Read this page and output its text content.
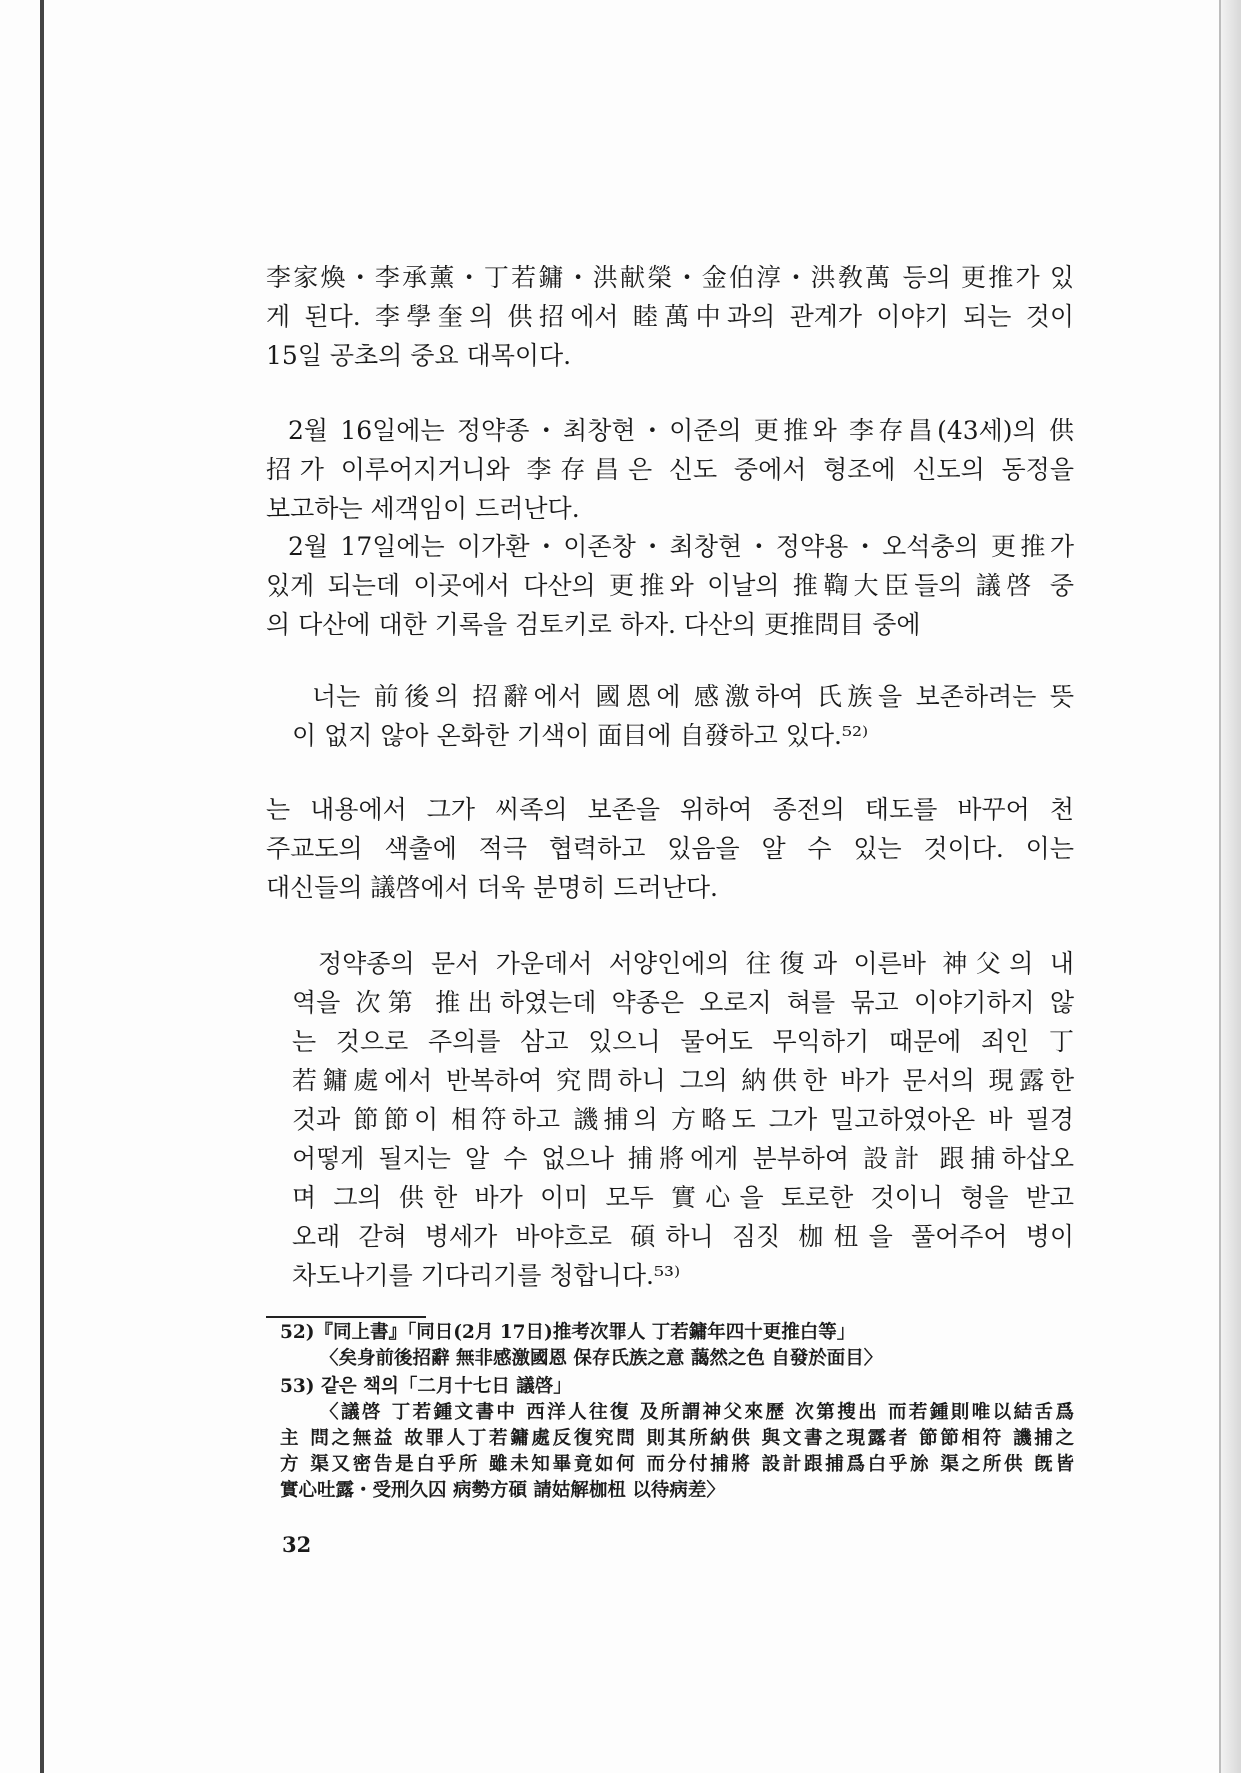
李家煥・李承薰・丁若鏞・洪献榮・金伯淳・洪敎萬 등의 更推가 있
게 된다. 李學奎의 供招에서 睦萬中과의 관계가 이야기 되는 것이
15일 공초의 중요 대목이다.
2월 16일에는 정약종・최창현・이준의 更推와 李存昌(43세)의 供
招가 이루어지거니와 李存昌은 신도 중에서 형조에 신도의 동정을
보고하는 세객임이 드러난다.
2월 17일에는 이가환・이존창・최창현・정약용・오석충의 更推가
있게 되는데 이곳에서 다산의 更推와 이날의 推鞫大臣들의 議啓 중
의 다산에 대한 기록을 검토키로 하자. 다산의 更推問目 중에
너는 前後의 招辭에서 國恩에 感激하여 氏族을 보존하려는 뜻
이 없지 않아 온화한 기색이 面目에 自發하고 있다.⁵²⁾
는 내용에서 그가 씨족의 보존을 위하여 종전의 태도를 바꾸어 천
주교도의 색출에 적극 협력하고 있음을 알 수 있는 것이다. 이는
대신들의 議啓에서 더욱 분명히 드러난다.
정약종의 문서 가운데서 서양인에의 往復과 이른바 神父의 내
역을 次第 推出하였는데 약종은 오로지 혀를 묶고 이야기하지 않
는 것으로 주의를 삼고 있으니 물어도 무익하기 때문에 죄인 丁
若鏞處에서 반복하여 究問하니 그의 納供한 바가 문서의 現露한
것과 節節이 相符하고 譏捕의 方略도 그가 밀고하였아온 바 필경
어떻게 될지는 알 수 없으나 捕將에게 분부하여 設計 跟捕하삽오
며 그의 供한 바가 이미 모두 實心을 토로한 것이니 형을 받고
오래 갇혀 병세가 바야흐로 碩하니 짐짓 枷杻을 풀어주어 병이
차도나기를 기다리기를 청합니다.⁵³⁾
52)『同上書』「同日(2月 17日)推考次罪人 丁若鏞年四十更推白等」
〈矣身前後招辭 無非感激國恩 保存氏族之意 藹然之色 自發於面目〉
53) 같은 책의「二月十七日 議啓」
〈議啓 丁若鍾文書中 西洋人往復 及所謂神父來歷 次第搜出 而若鍾則唯以結舌爲
主 問之無益 故罪人丁若鏞處反復究問 則其所納供 與文書之現露者 節節相符 譏捕之
方 渠又密告是白乎所 雖未知畢竟如何 而分付捕將 設計跟捕爲白乎旀 渠之所供 旣皆
實心吐露・受刑久囚 病勢方碩 請姑解枷杻 以待病差〉
32
